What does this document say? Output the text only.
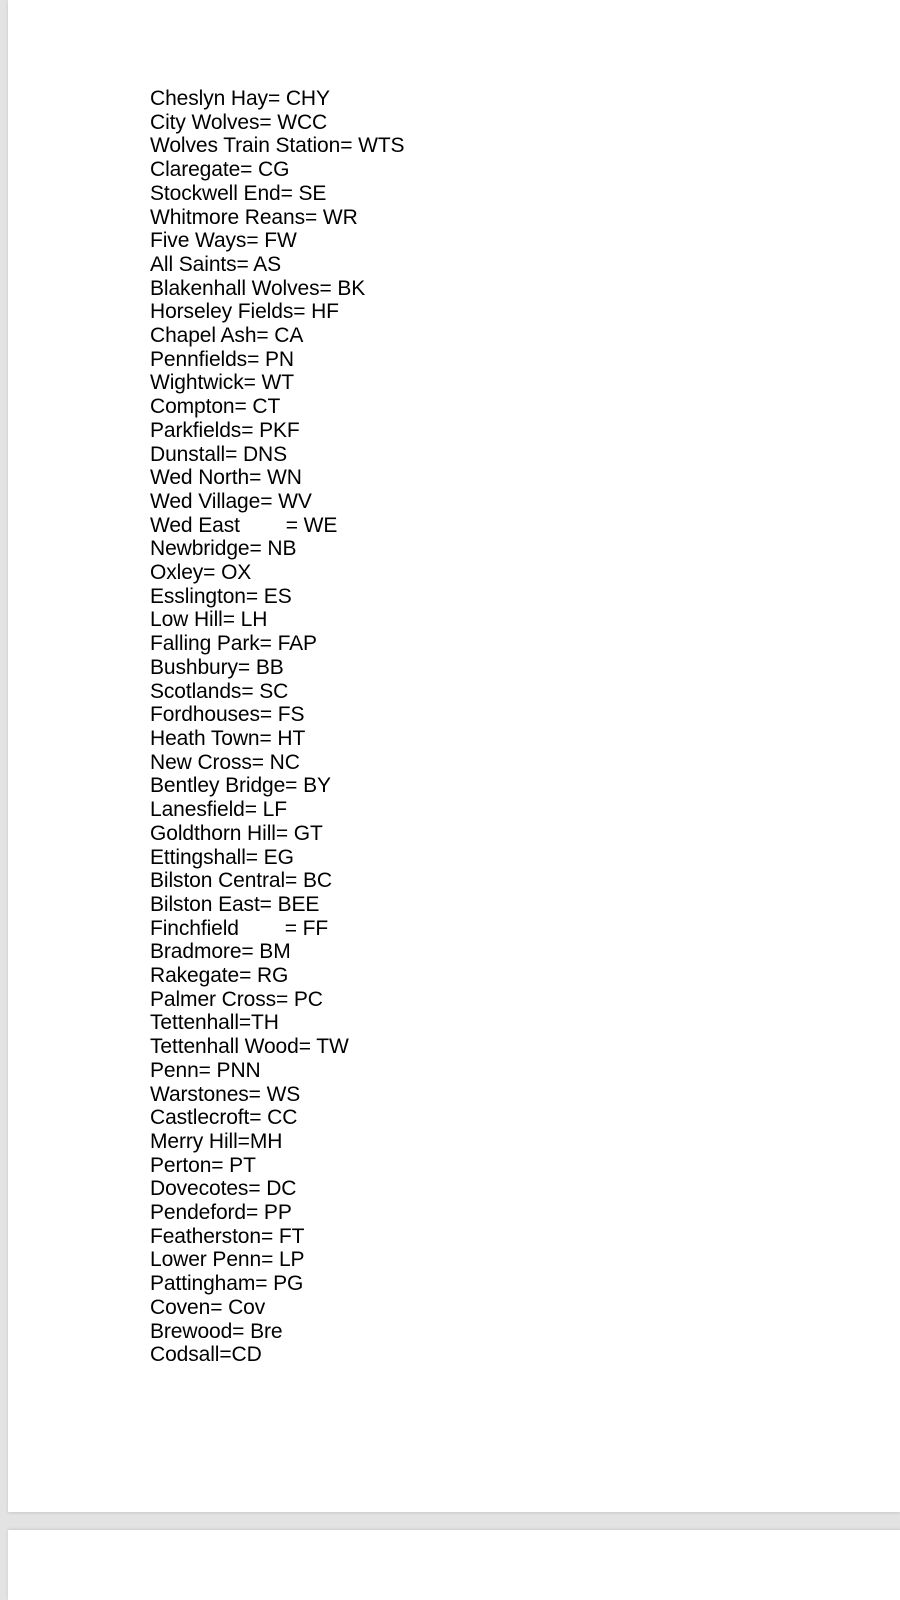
Cheslyn Hay= CHY
City Wolves= WCC
Wolves Train Station= WTS
Claregate= CG
Stockwell End= SE
Whitmore Reans= WR
Five Ways= FW
All Saints= AS
Blakenhall Wolves= BK
Horseley Fields= HF
Chapel Ash= CA
Pennfields= PN
Wightwick= WT
Compton= CT
Parkfields= PKF
Dunstall= DNS
Wed North= WN
Wed Village= WV
Wed East        = WE
Newbridge= NB
Oxley= OX
Esslington= ES
Low Hill= LH
Falling Park= FAP
Bushbury= BB
Scotlands= SC
Fordhouses= FS
Heath Town= HT
New Cross= NC
Bentley Bridge= BY
Lanesfield= LF
Goldthorn Hill= GT
Ettingshall= EG
Bilston Central= BC
Bilston East= BEE
Finchfield        = FF
Bradmore= BM
Rakegate= RG
Palmer Cross= PC
Tettenhall=TH
Tettenhall Wood= TW
Penn= PNN
Warstones= WS
Castlecroft= CC
Merry Hill=MH
Perton= PT
Dovecotes= DC
Pendeford= PP
Featherston= FT
Lower Penn= LP
Pattingham= PG
Coven= Cov
Brewood= Bre
Codsall=CD
